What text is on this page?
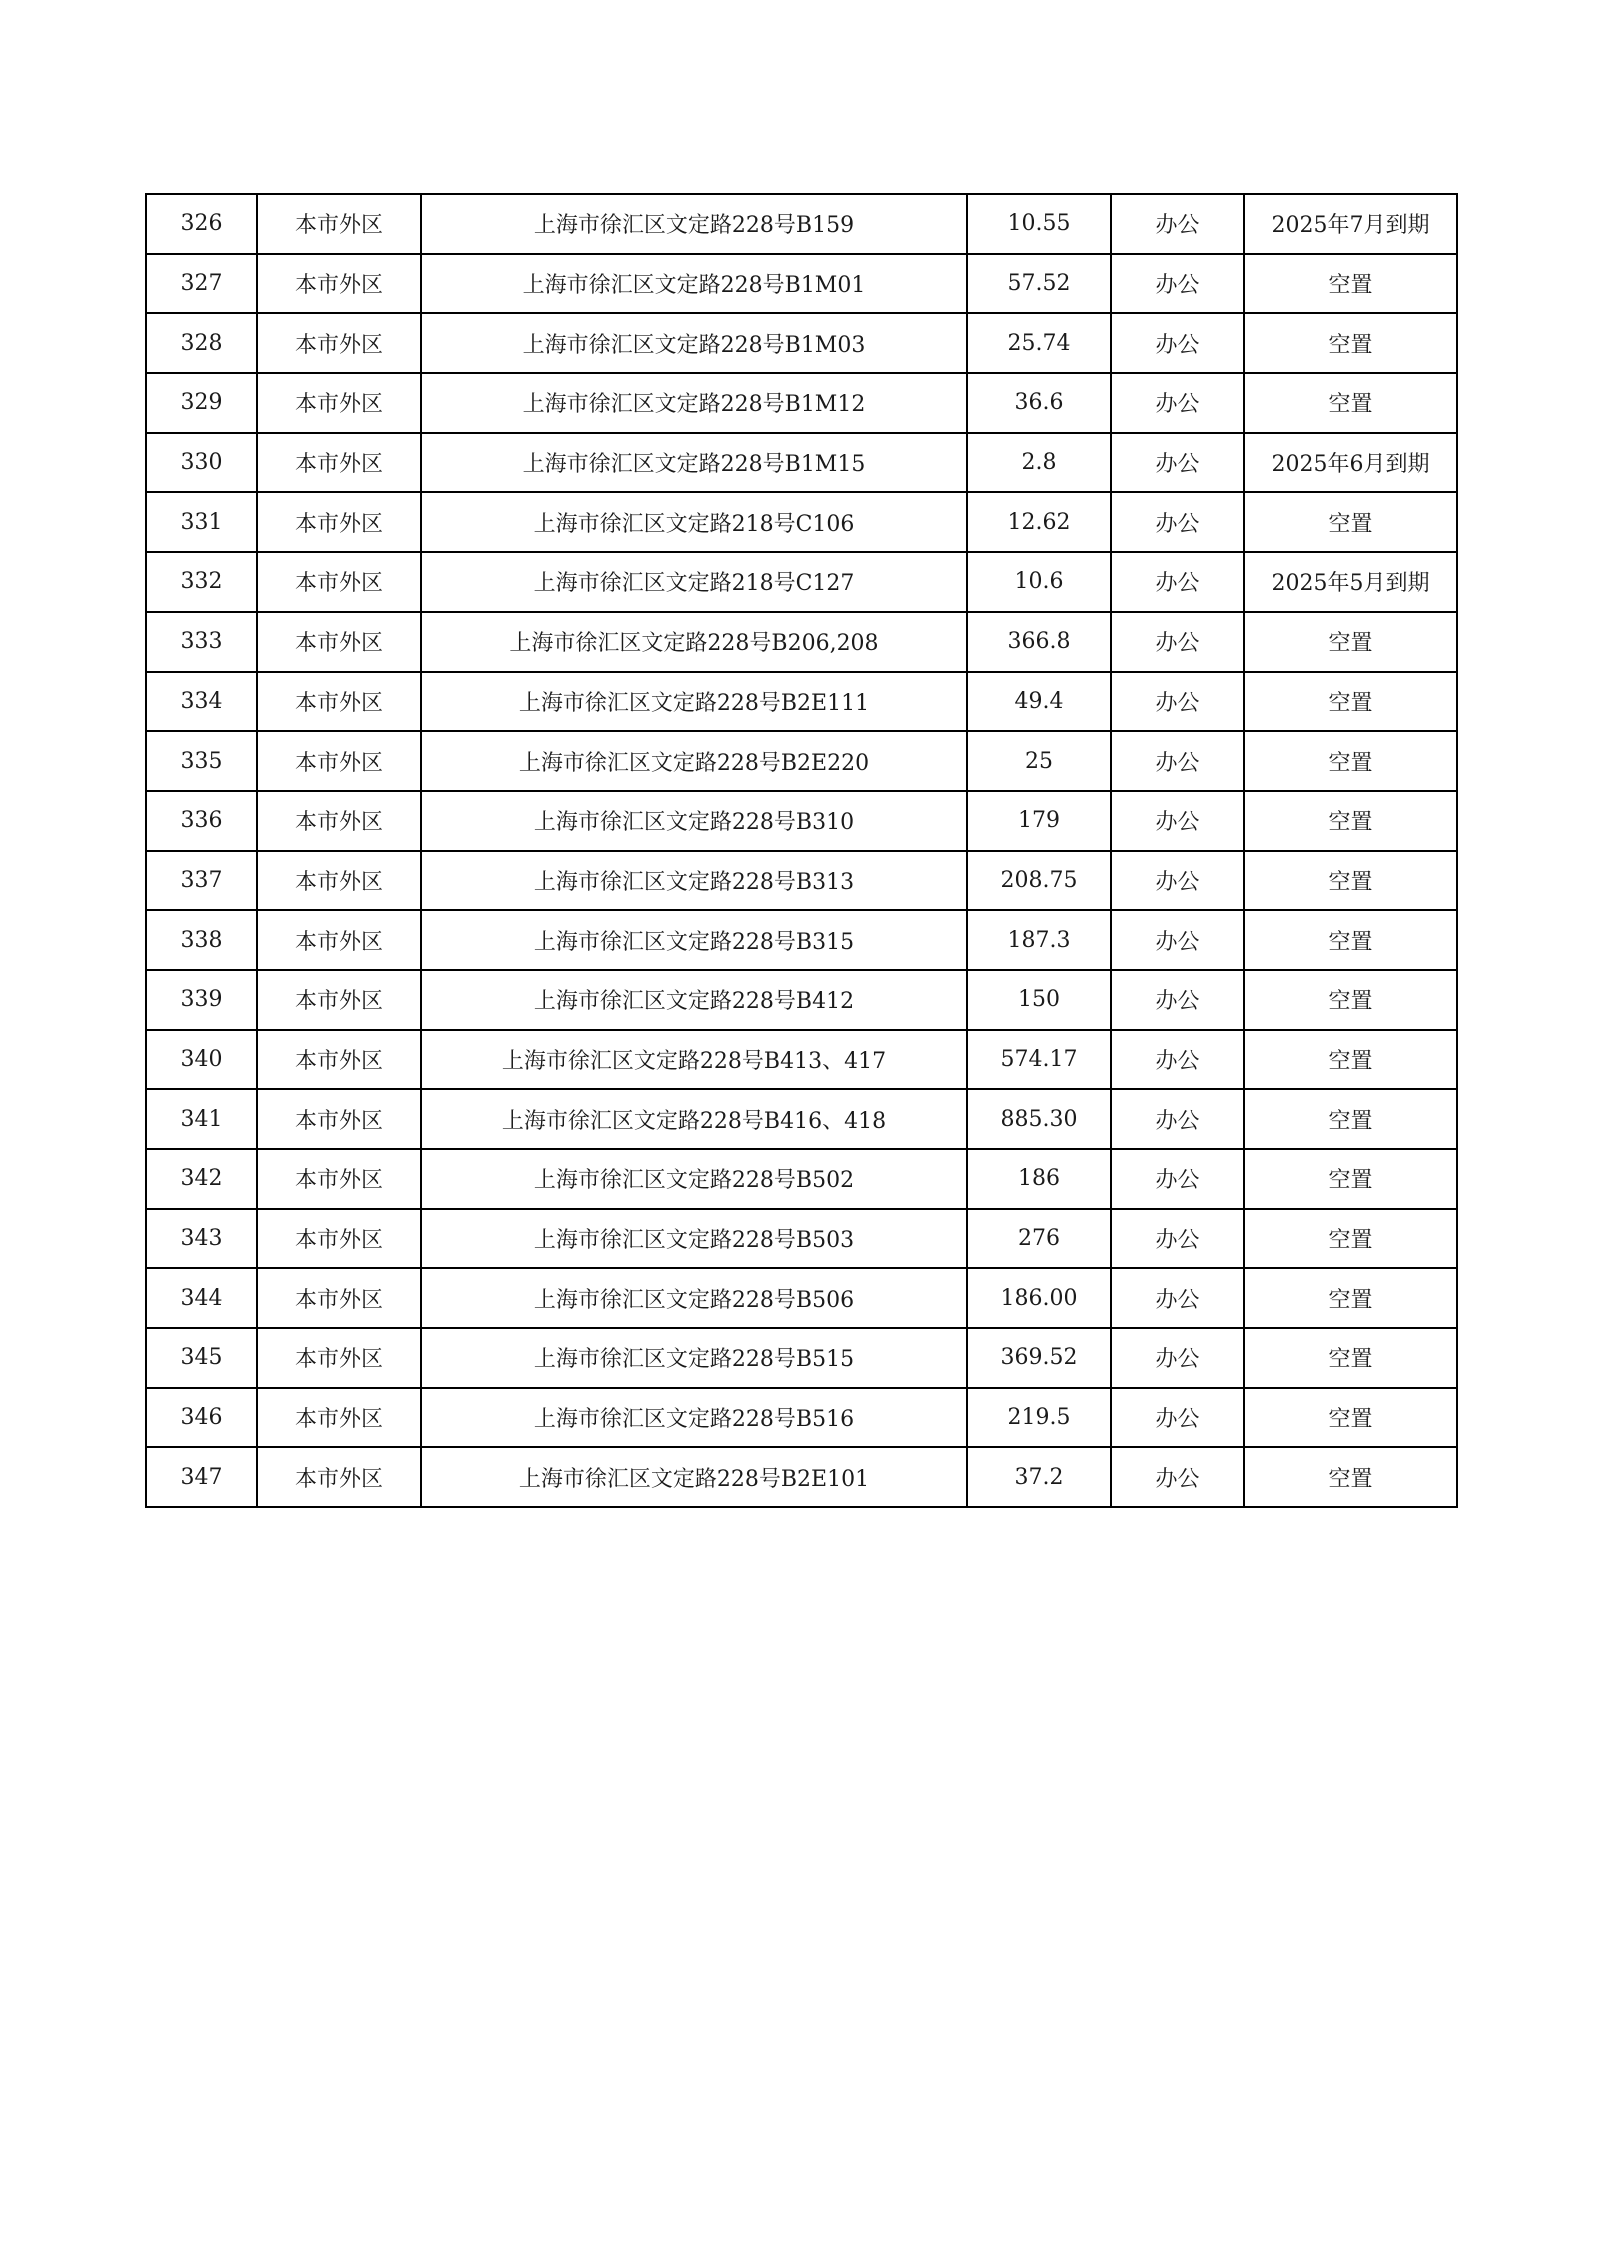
326	本市外区	上海市徐汇区文定路228号B159	10.55	办公	2025年7月到期
327	本市外区	上海市徐汇区文定路228号B1M01	57.52	办公	空置
328	本市外区	上海市徐汇区文定路228号B1M03	25.74	办公	空置
329	本市外区	上海市徐汇区文定路228号B1M12	36.6	办公	空置
330	本市外区	上海市徐汇区文定路228号B1M15	2.8	办公	2025年6月到期
331	本市外区	上海市徐汇区文定路218号C106	12.62	办公	空置
332	本市外区	上海市徐汇区文定路218号C127	10.6	办公	2025年5月到期
333	本市外区	上海市徐汇区文定路228号B206,208	366.8	办公	空置
334	本市外区	上海市徐汇区文定路228号B2E111	49.4	办公	空置
335	本市外区	上海市徐汇区文定路228号B2E220	25	办公	空置
336	本市外区	上海市徐汇区文定路228号B310	179	办公	空置
337	本市外区	上海市徐汇区文定路228号B313	208.75	办公	空置
338	本市外区	上海市徐汇区文定路228号B315	187.3	办公	空置
339	本市外区	上海市徐汇区文定路228号B412	150	办公	空置
340	本市外区	上海市徐汇区文定路228号B413、417	574.17	办公	空置
341	本市外区	上海市徐汇区文定路228号B416、418	885.30	办公	空置
342	本市外区	上海市徐汇区文定路228号B502	186	办公	空置
343	本市外区	上海市徐汇区文定路228号B503	276	办公	空置
344	本市外区	上海市徐汇区文定路228号B506	186.00	办公	空置
345	本市外区	上海市徐汇区文定路228号B515	369.52	办公	空置
346	本市外区	上海市徐汇区文定路228号B516	219.5	办公	空置
347	本市外区	上海市徐汇区文定路228号B2E101	37.2	办公	空置
